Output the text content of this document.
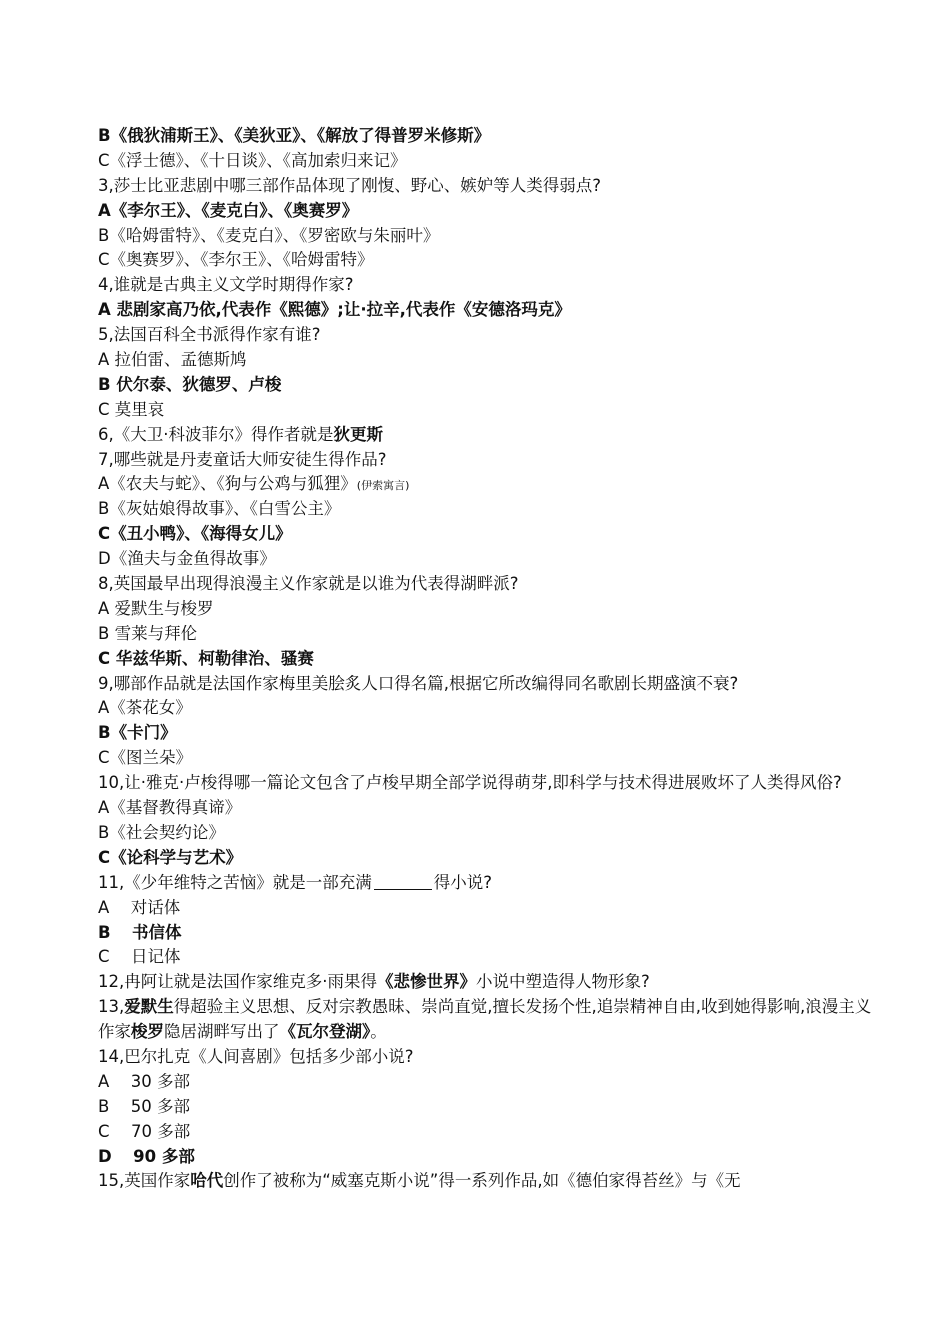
B《俄狄浦斯王》、《美狄亚》、《解放了得普罗米修斯》
C《浮士德》、《十日谈》、《高加索归来记》
3,莎士比亚悲剧中哪三部作品体现了刚愎、野心、嫉妒等人类得弱点?
A《李尔王》、《麦克白》、《奥赛罗》
B《哈姆雷特》、《麦克白》、《罗密欧与朱丽叶》
C《奥赛罗》、《李尔王》、《哈姆雷特》
4,谁就是古典主义文学时期得作家?
A 悲剧家高乃依,代表作《熙德》;让·拉辛,代表作《安德洛玛克》
5,法国百科全书派得作家有谁?
A 拉伯雷、孟德斯鸠
B 伏尔泰、狄德罗、卢梭
C 莫里哀
6,《大卫·科波菲尔》得作者就是狄更斯
7,哪些就是丹麦童话大师安徒生得作品?
A《农夫与蛇》、《狗与公鸡与狐狸》(伊索寓言)
B《灰姑娘得故事》、《白雪公主》
C《丑小鸭》、《海得女儿》
D《渔夫与金鱼得故事》
8,英国最早出现得浪漫主义作家就是以谁为代表得湖畔派?
A 爱默生与梭罗
B 雪莱与拜伦
C 华兹华斯、柯勒律治、骚赛
9,哪部作品就是法国作家梅里美脍炙人口得名篇,根据它所改编得同名歌剧长期盛演不衰?
A《茶花女》
B《卡门》
C《图兰朵》
10,让·雅克·卢梭得哪一篇论文包含了卢梭早期全部学说得萌芽,即科学与技术得进展败坏了人类得风俗?
A《基督教得真谛》
B《社会契约论》
C《论科学与艺术》
11,《少年维特之苦恼》就是一部充满	得小说?
A 对话体
B 书信体
C 日记体
12,冉阿让就是法国作家维克多·雨果得《悲惨世界》小说中塑造得人物形象?
13,爱默生得超验主义思想、反对宗教愚昧、崇尚直觉,擅长发扬个性,追崇精神自由,收到她得影响,浪漫主义作家梭罗隐居湖畔写出了《瓦尔登湖》。
14,巴尔扎克《人间喜剧》包括多少部小说?
A 30 多部
B 50 多部
C 70 多部
D 90 多部
15,英国作家哈代创作了被称为“威塞克斯小说”得一系列作品,如《德伯家得苔丝》与《无
